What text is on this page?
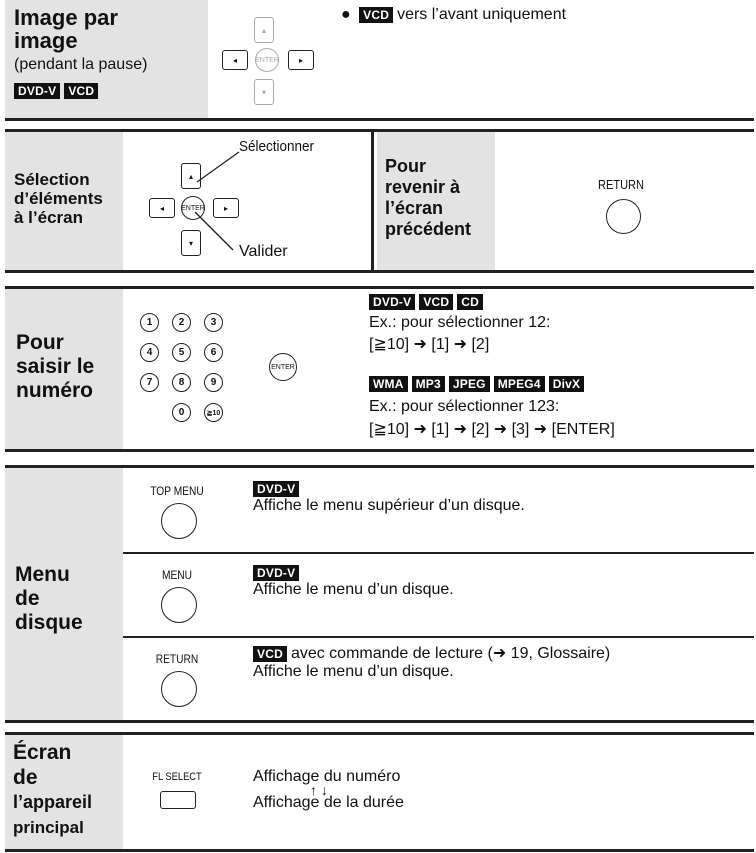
Image par
image
(pendant la pause)
DVD-V VCD
▴
◂	ENTER	▸
▾
● VCD vers l’avant uniquement
Sélection
d’éléments
à l’écran
▴
◂	ENTER	▸
▾
Sélectionner
Valider
Pour
revenir à
l’écran
précédent
RETURN
Pour
saisir le
numéro
1	2	3
4	5	6
7	8	9
0	≧10
ENTER
DVD-V VCD CD
Ex.: pour sélectionner 12:
[≧10] ➜ [1] ➜ [2]
WMA MP3 JPEG MPEG4 DivX
Ex.: pour sélectionner 123:
[≧10] ➜ [1] ➜ [2] ➜ [3] ➜ [ENTER]
Menu
de
disque
TOP MENU	DVD-V
Affiche le menu supérieur d’un disque.
MENU	DVD-V
Affiche le menu d’un disque.
RETURN	VCD avec commande de lecture (➜ 19, Glossaire)
Affiche le menu d’un disque.
Écran
de
l’appareil
principal
FL SELECT	Affichage du numéro
↑ ↓
Affichage de la durée
